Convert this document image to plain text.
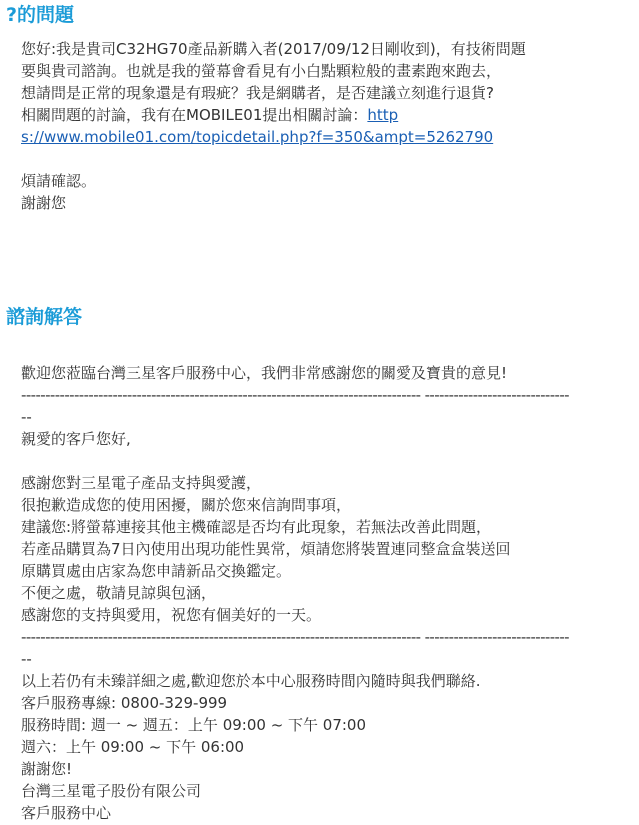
?的問題
您好:我是貴司C32HG70產品新購入者(2017/09/12日剛收到)，有技術問題
要與貴司諮詢。也就是我的螢幕會看見有小白點顆粒般的畫素跑來跑去，
想請問是正常的現象還是有瑕疵？我是網購者，是否建議立刻進行退貨?
相關問題的討論，我有在MOBILE01提出相關討論：http
s://www.mobile01.com/topicdetail.php?f=350&ampt=5262790
煩請確認。
謝謝您
諮詢解答
歡迎您蒞臨台灣三星客戶服務中心，我們非常感謝您的關愛及寶貴的意見!
----------------------------------------------------------------------------------- ------------------------------
--
親愛的客戶您好,
感謝您對三星電子產品支持與愛護，
很抱歉造成您的使用困擾，關於您來信詢問事項，
建議您:將螢幕連接其他主機確認是否均有此現象，若無法改善此問題，
若產品購買為7日內使用出現功能性異常，煩請您將裝置連同整盒盒裝送回
原購買處由店家為您申請新品交換鑑定。
不便之處，敬請見諒與包涵，
感謝您的支持與愛用，祝您有個美好的一天。
----------------------------------------------------------------------------------- ------------------------------
--
以上若仍有未臻詳細之處,歡迎您於本中心服務時間內隨時與我們聯絡.
客戶服務專線: 0800-329-999
服務時間: 週一 ~ 週五：上午 09:00 ~ 下午 07:00
週六：上午 09:00 ~ 下午 06:00
謝謝您!
台灣三星電子股份有限公司
客戶服務中心
